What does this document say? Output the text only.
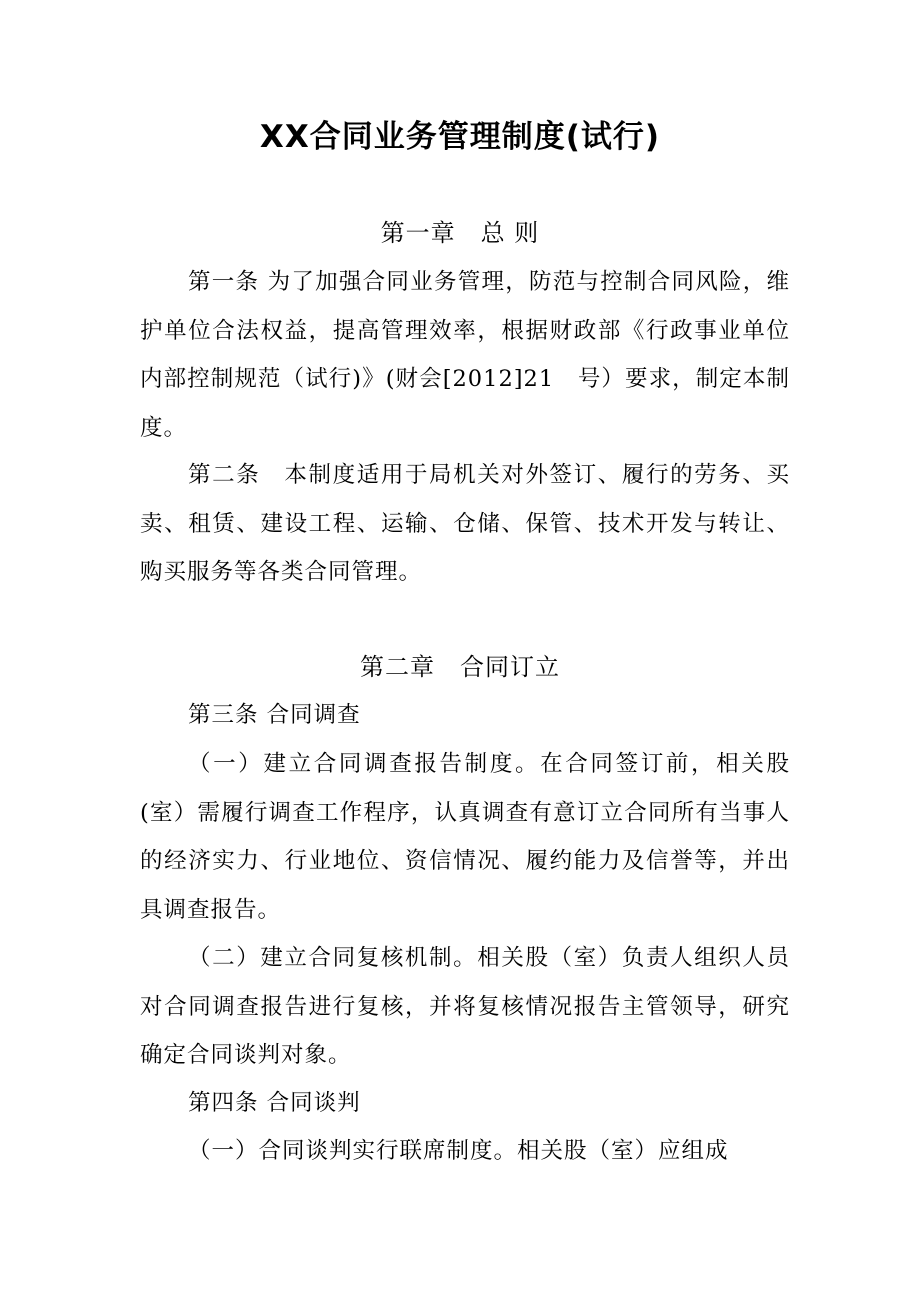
XX合同业务管理制度(试行)
第一章　总 则

第一条 为了加强合同业务管理，防范与控制合同风险，维护单位合法权益，提高管理效率，根据财政部《行政事业单位内部控制规范（试行)》(财会[2012]21　号）要求，制定本制度。

第二条　本制度适用于局机关对外签订、履行的劳务、买卖、租赁、建设工程、运输、仓储、保管、技术开发与转让、购买服务等各类合同管理。

第二章　合同订立
第三条 合同调查

（一）建立合同调查报告制度。在合同签订前，相关股(室）需履行调查工作程序，认真调查有意订立合同所有当事人的经济实力、行业地位、资信情况、履约能力及信誉等，并出具调查报告。

（二）建立合同复核机制。相关股（室）负责人组织人员对合同调查报告进行复核，并将复核情况报告主管领导，研究确定合同谈判对象。

第四条 合同谈判

（一）合同谈判实行联席制度。相关股（室）应组成
